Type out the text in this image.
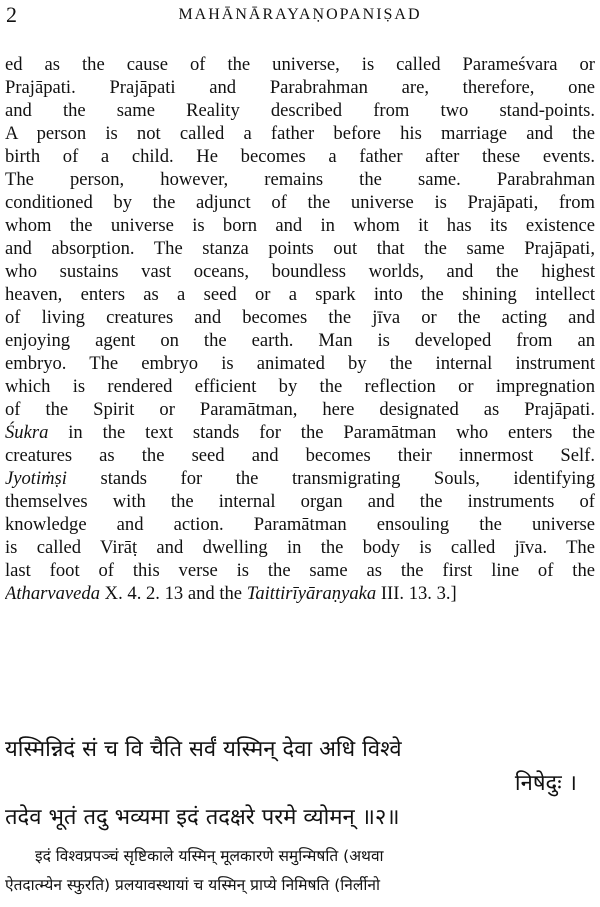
2	MAHĀNĀRAYAṆOPANIṢAD
ed as the cause of the universe, is called Parameśvara or
Prajāpati. Prajāpati and Parabrahman are, therefore, one
and the same Reality described from two stand-points.
A person is not called a father before his marriage and the
birth of a child. He becomes a father after these events.
The person, however, remains the same. Parabrahman
conditioned by the adjunct of the universe is Prajāpati, from
whom the universe is born and in whom it has its existence
and absorption. The stanza points out that the same Prajāpati,
who sustains vast oceans, boundless worlds, and the highest
heaven, enters as a seed or a spark into the shining intellect
of living creatures and becomes the jīva or the acting and
enjoying agent on the earth. Man is developed from an
embryo. The embryo is animated by the internal instrument
which is rendered efficient by the reflection or impregnation
of the Spirit or Paramātman, here designated as Prajāpati.
Śukra in the text stands for the Paramātman who enters the
creatures as the seed and becomes their innermost Self.
Jyotiṁṣi stands for the transmigrating Souls, identifying
themselves with the internal organ and the instruments of
knowledge and action. Paramātman ensouling the universe
is called Virāṭ and dwelling in the body is called jīva. The
last foot of this verse is the same as the first line of the
Atharvaveda X. 4. 2. 13 and the Taittirīyāraṇyaka III. 13. 3.]
यस्मिन्निदं सं च वि चैति सर्वं यस्मिन् देवा अधि विश्वे
निषेदुः ।
तदेव भूतं तदु भव्यमा इदं तदक्षरे परमे व्योमन् ॥२॥
इदं विश्वप्रपञ्चं सृष्टिकाले यस्मिन् मूलकारणे समुन्मिषति (अथवा
ऐतदात्म्येन स्फुरति) प्रलयावस्थायां च यस्मिन् प्राप्ये निमिषति (निर्लीनो
